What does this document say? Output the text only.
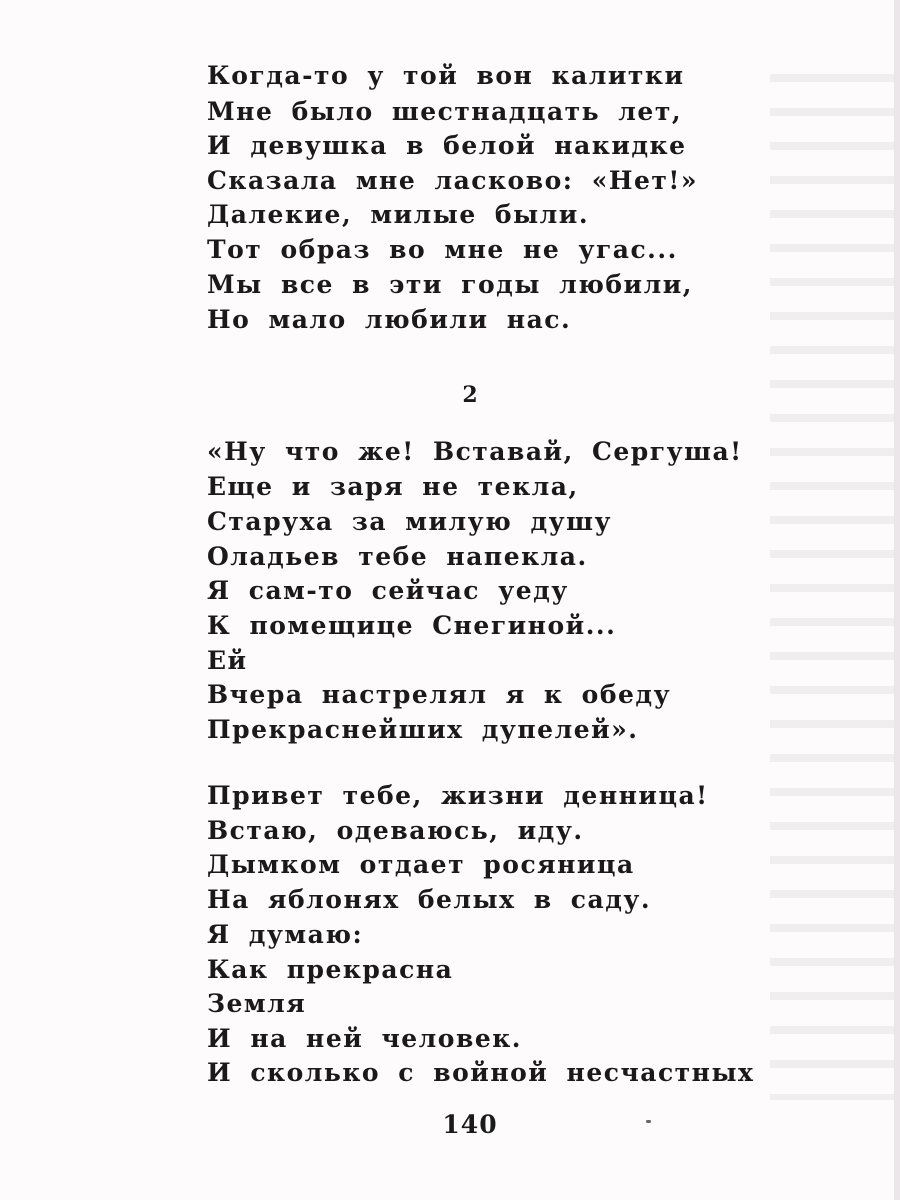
Когда-то у той вон калитки
Мне было шестнадцать лет,
И девушка в белой накидке
Сказала мне ласково: «Нет!»
Далекие, милые были.
Тот образ во мне не угас...
Мы все в эти годы любили,
Но мало любили нас.
2
«Ну что же! Вставай, Сергуша!
Еще и заря не текла,
Старуха за милую душу
Оладьев тебе напекла.
Я сам-то сейчас уеду
К помещице Снегиной...
Ей
Вчера настрелял я к обеду
Прекраснейших дупелей».
Привет тебе, жизни денница!
Встаю, одеваюсь, иду.
Дымком отдает росяница
На яблонях белых в саду.
Я думаю:
Как прекрасна
Земля
И на ней человек.
И сколько с войной несчастных
140
